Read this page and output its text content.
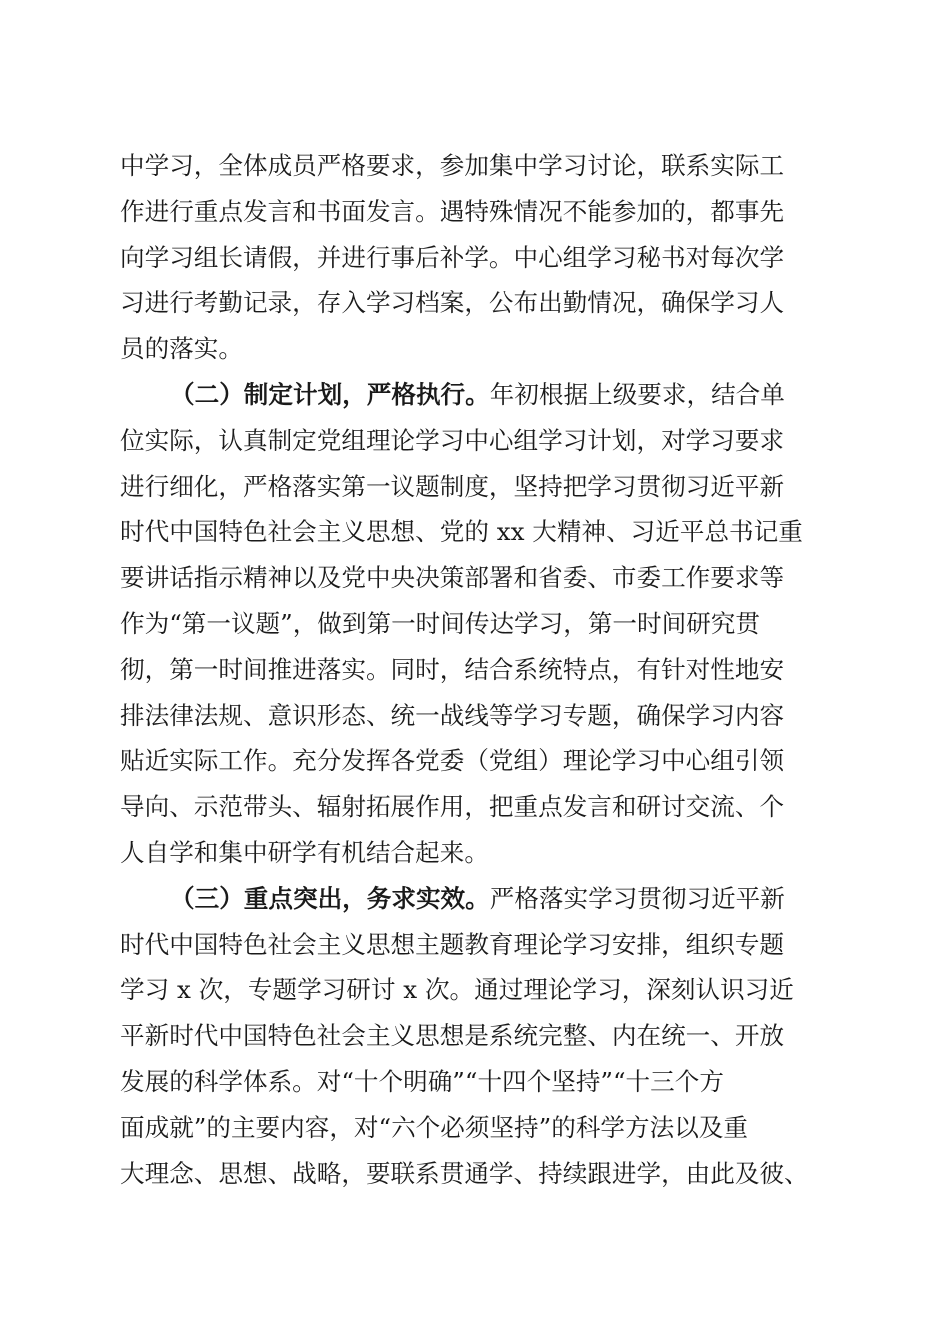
中学习，全体成员严格要求，参加集中学习讨论，联系实际工
作进行重点发言和书面发言。遇特殊情况不能参加的，都事先
向学习组长请假，并进行事后补学。中心组学习秘书对每次学
习进行考勤记录，存入学习档案，公布出勤情况，确保学习人
员的落实。
（二）制定计划，严格执行。年初根据上级要求，结合单
位实际，认真制定党组理论学习中心组学习计划，对学习要求
进行细化，严格落实第一议题制度，坚持把学习贯彻习近平新
时代中国特色社会主义思想、党的 xx 大精神、习近平总书记重
要讲话指示精神以及党中央决策部署和省委、市委工作要求等
作为“第一议题”，做到第一时间传达学习，第一时间研究贯
彻，第一时间推进落实。同时，结合系统特点，有针对性地安
排法律法规、意识形态、统一战线等学习专题，确保学习内容
贴近实际工作。充分发挥各党委（党组）理论学习中心组引领
导向、示范带头、辐射拓展作用，把重点发言和研讨交流、个
人自学和集中研学有机结合起来。
（三）重点突出，务求实效。严格落实学习贯彻习近平新
时代中国特色社会主义思想主题教育理论学习安排，组织专题
学习 x 次，专题学习研讨 x 次。通过理论学习，深刻认识习近
平新时代中国特色社会主义思想是系统完整、内在统一、开放
发展的科学体系。对“十个明确”“十四个坚持”“十三个方
面成就”的主要内容，对“六个必须坚持”的科学方法以及重
大理念、思想、战略，要联系贯通学、持续跟进学，由此及彼、
